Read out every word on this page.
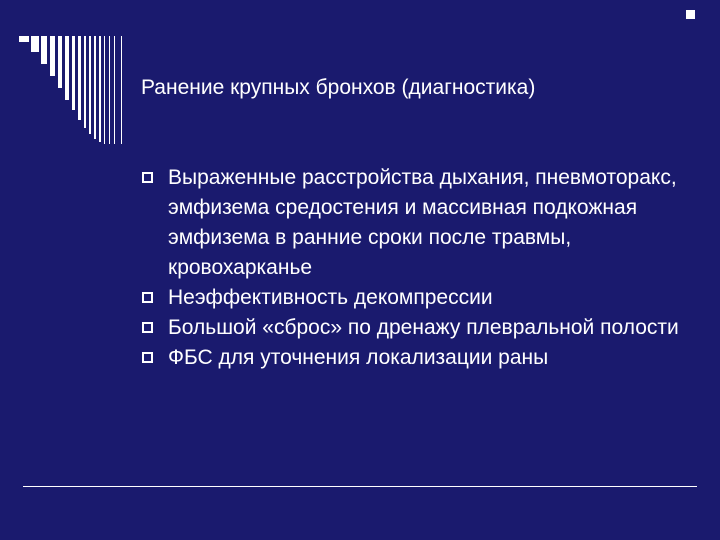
Ранение крупных бронхов (диагностика)
Выраженные расстройства дыхания, пневмоторакс, эмфизема средостения и массивная подкожная эмфизема в ранние сроки после травмы, кровохарканье
Неэффективность декомпрессии
Большой «сброс» по дренажу плевральной полости
ФБС для уточнения локализации раны
